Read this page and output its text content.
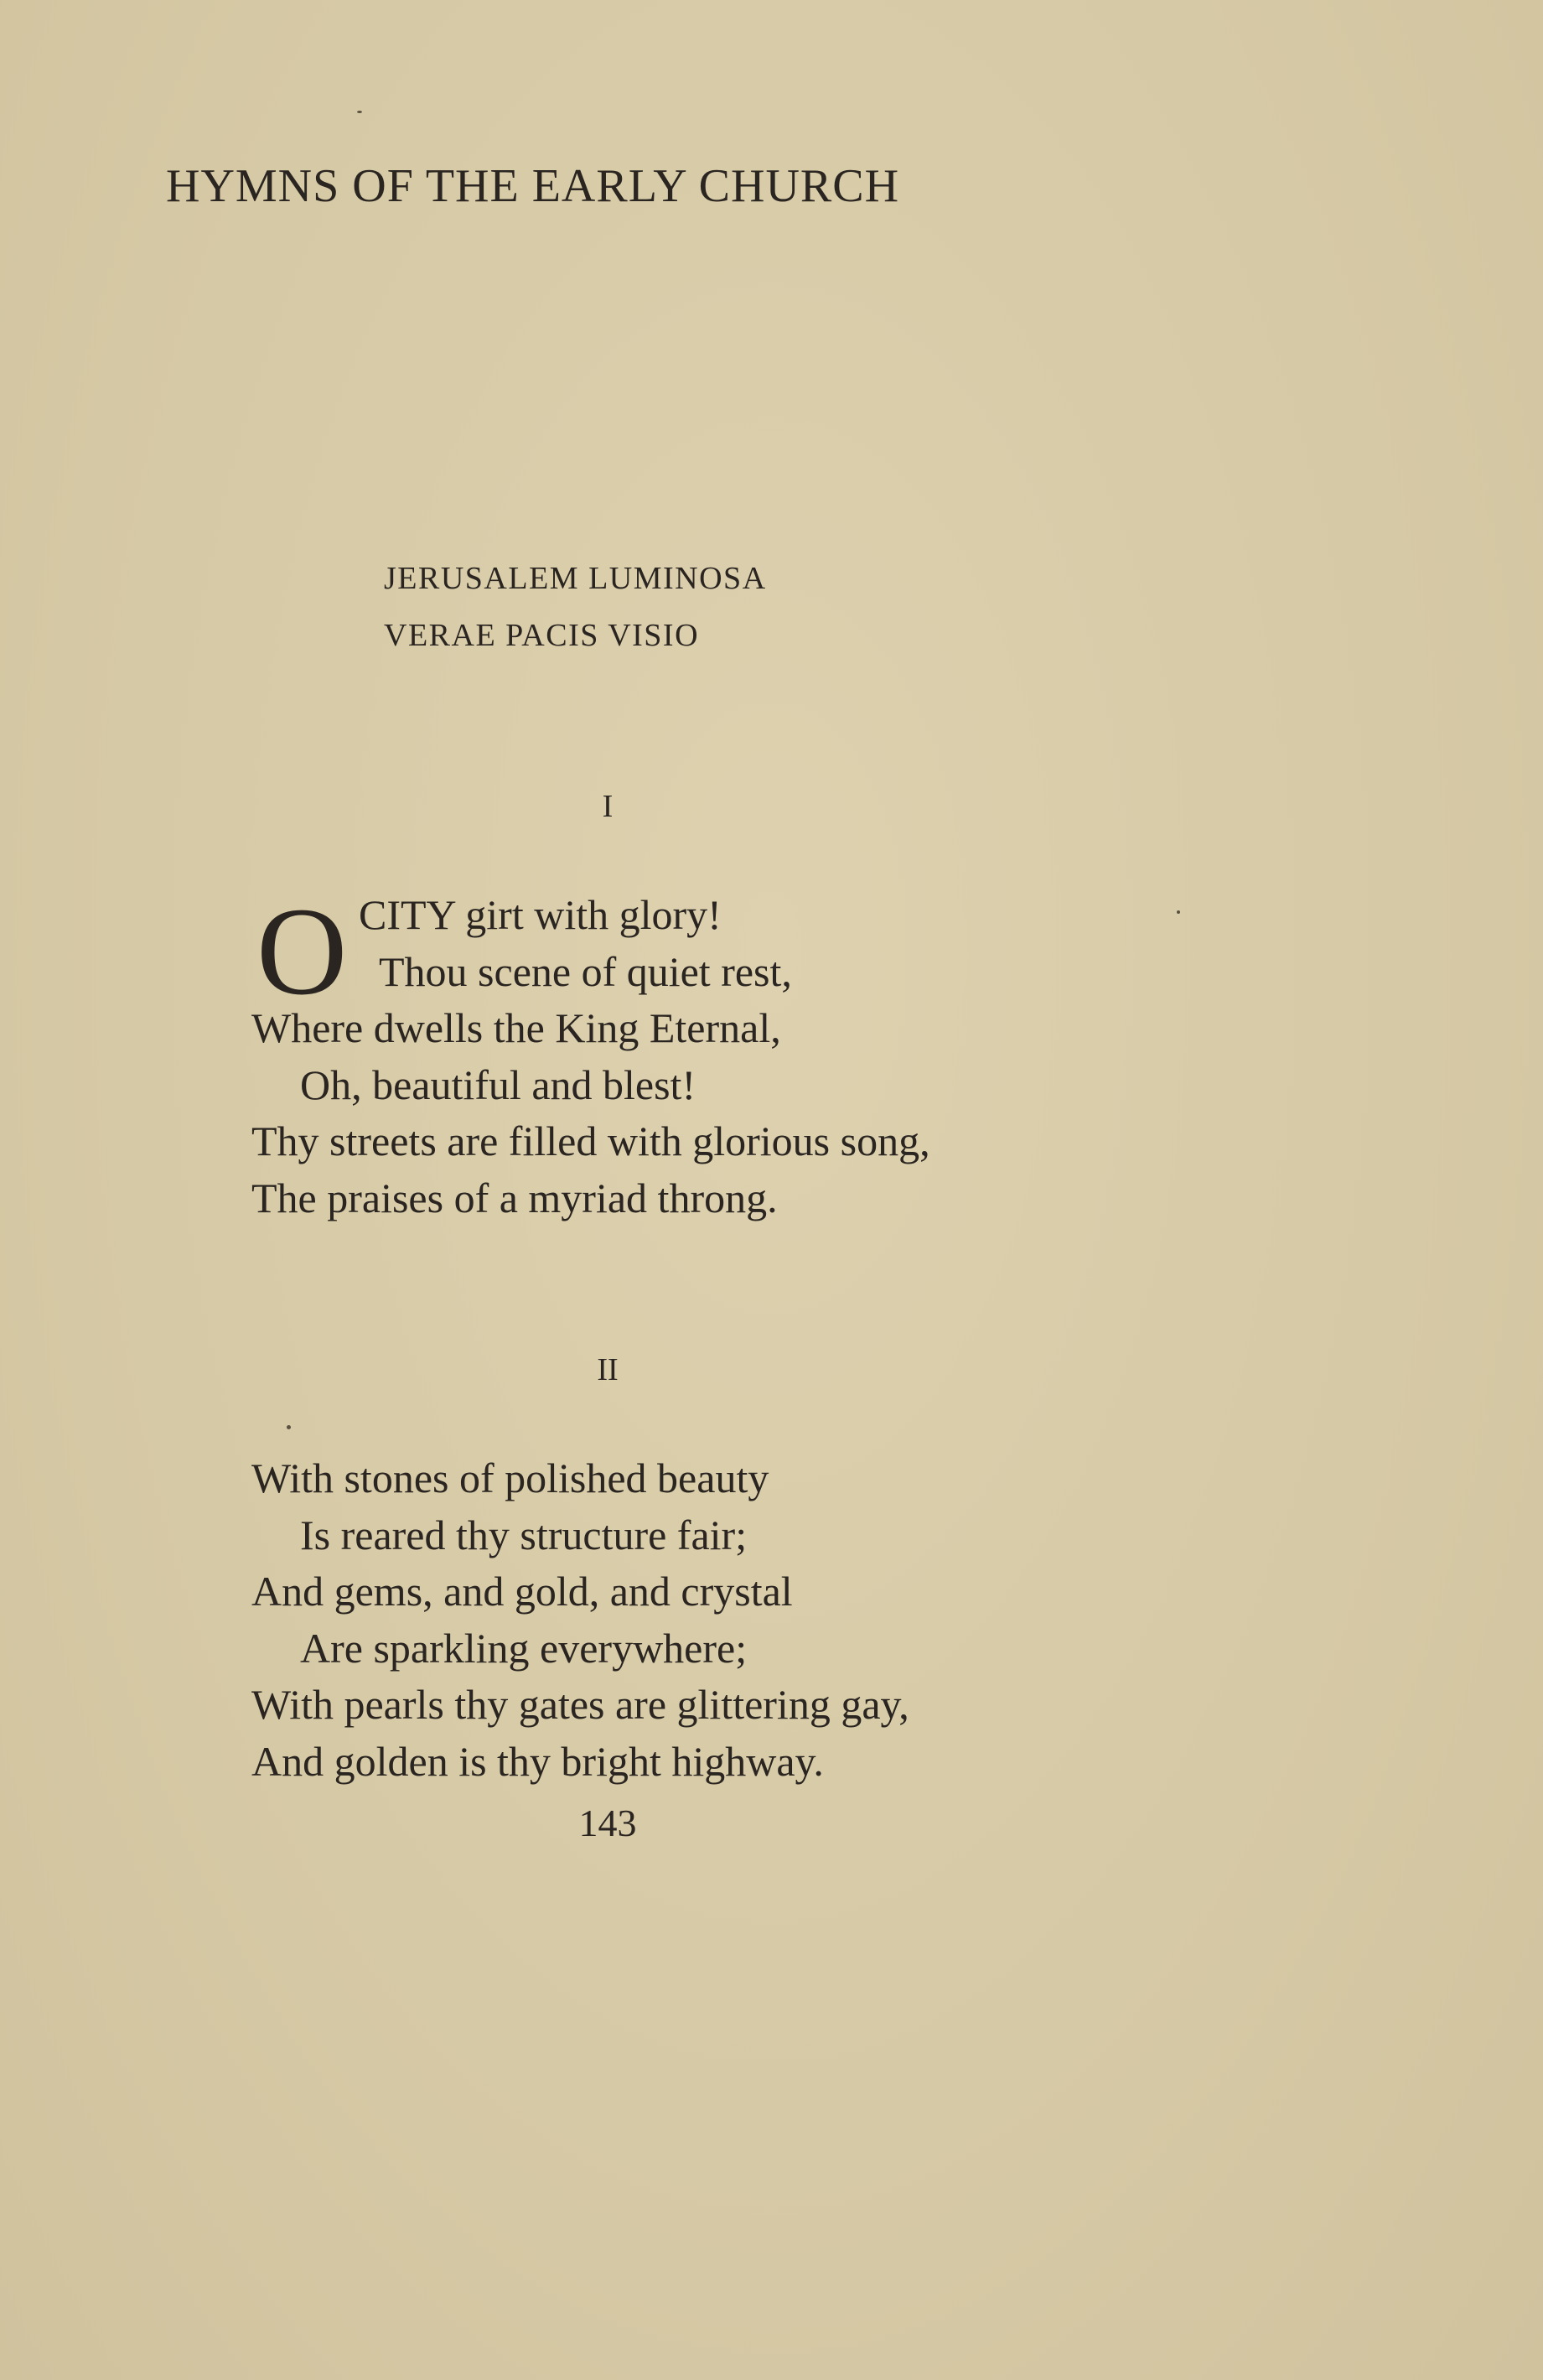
HYMNS OF THE EARLY CHURCH
JERUSALEM LUMINOSA
VERAE PACIS VISIO
I
O CITY girt with glory!
Thou scene of quiet rest,
Where dwells the King Eternal,
Oh, beautiful and blest!
Thy streets are filled with glorious song,
The praises of a myriad throng.
II
With stones of polished beauty
Is reared thy structure fair;
And gems, and gold, and crystal
Are sparkling everywhere;
With pearls thy gates are glittering gay,
And golden is thy bright highway.
143
